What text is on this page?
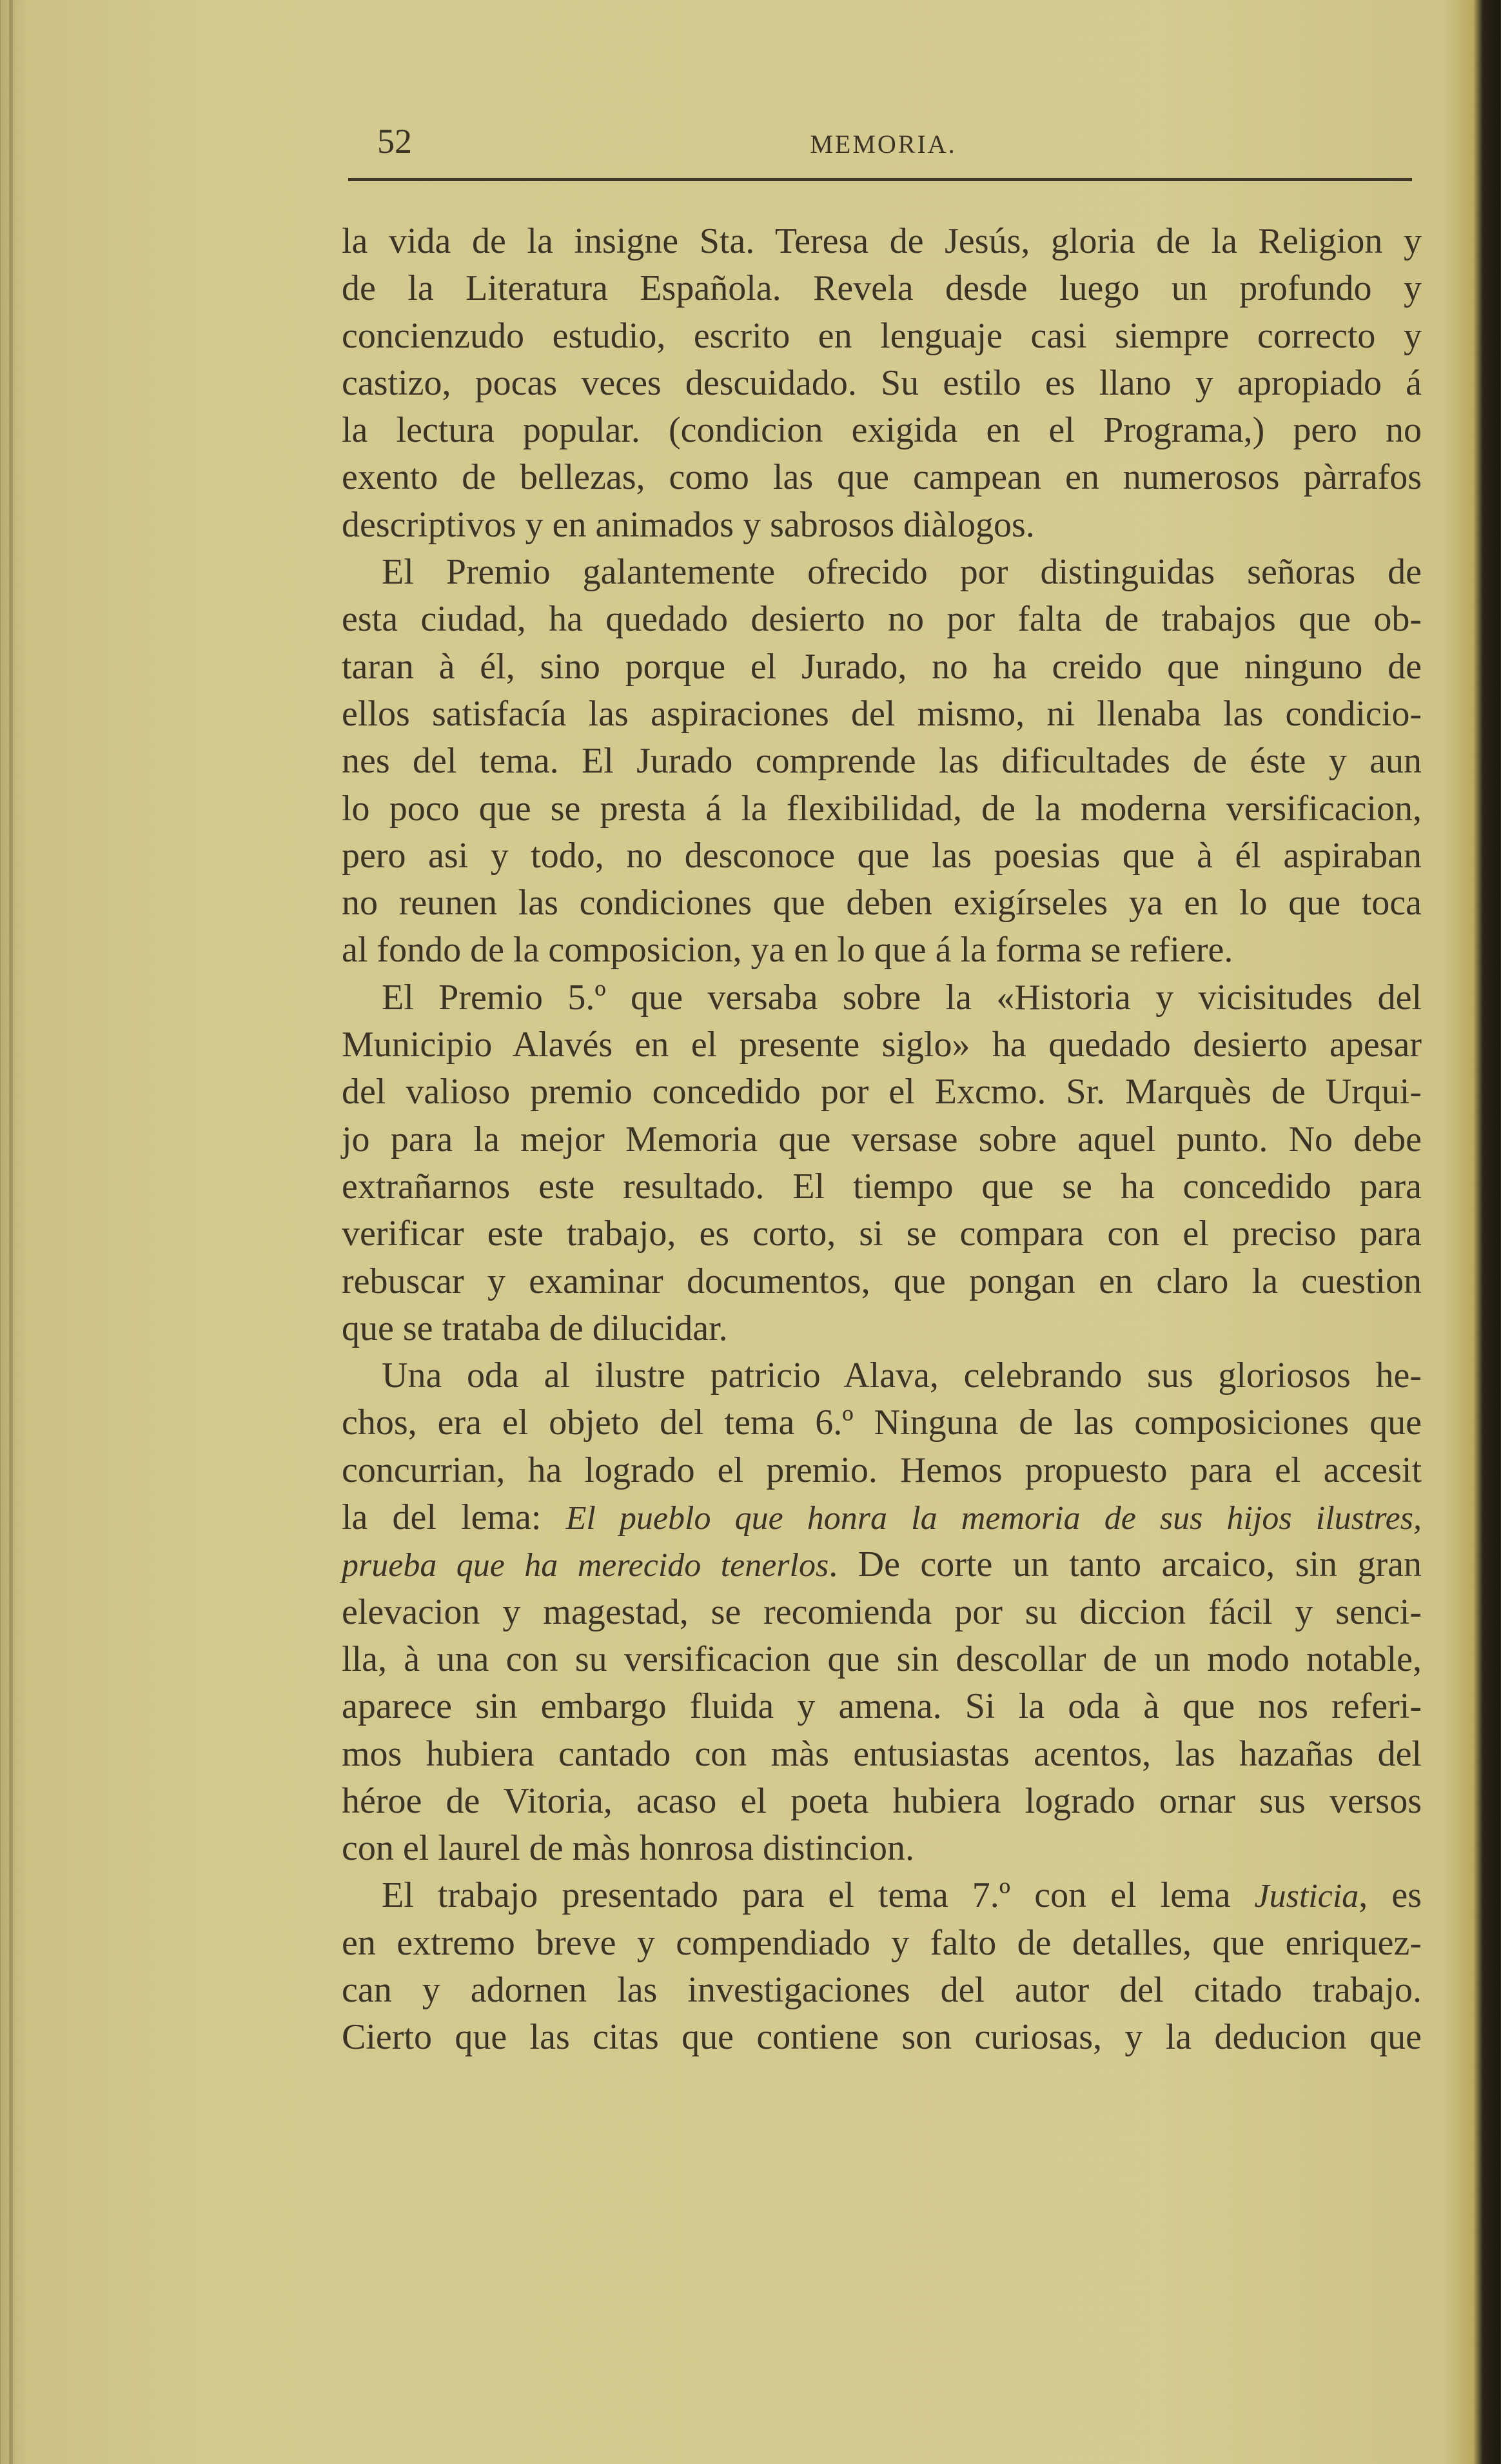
52	MEMORIA.
la vida de la insigne Sta. Teresa de Jesús, gloria de la Religion y
de la Literatura Española. Revela desde luego un profundo y
concienzudo estudio, escrito en lenguaje casi siempre correcto y
castizo, pocas veces descuidado. Su estilo es llano y apropiado á
la lectura popular. (condicion exigida en el Programa,) pero no
exento de bellezas, como las que campean en numerosos pàrrafos
descriptivos y en animados y sabrosos diàlogos.
El Premio galantemente ofrecido por distinguidas señoras de
esta ciudad, ha quedado desierto no por falta de trabajos que ob-
taran à él, sino porque el Jurado, no ha creido que ninguno de
ellos satisfacía las aspiraciones del mismo, ni llenaba las condicio-
nes del tema. El Jurado comprende las dificultades de éste y aun
lo poco que se presta á la flexibilidad, de la moderna versificacion,
pero asi y todo, no desconoce que las poesias que à él aspiraban
no reunen las condiciones que deben exigírseles ya en lo que toca
al fondo de la composicion, ya en lo que á la forma se refiere.
El Premio 5.º que versaba sobre la «Historia y vicisitudes del
Municipio Alavés en el presente siglo» ha quedado desierto apesar
del valioso premio concedido por el Excmo. Sr. Marquès de Urqui-
jo para la mejor Memoria que versase sobre aquel punto. No debe
extrañarnos este resultado. El tiempo que se ha concedido para
verificar este trabajo, es corto, si se compara con el preciso para
rebuscar y examinar documentos, que pongan en claro la cuestion
que se trataba de dilucidar.
Una oda al ilustre patricio Alava, celebrando sus gloriosos he-
chos, era el objeto del tema 6.º Ninguna de las composiciones que
concurrian, ha logrado el premio. Hemos propuesto para el accesit
la del lema: El pueblo que honra la memoria de sus hijos ilustres,
prueba que ha merecido tenerlos. De corte un tanto arcaico, sin gran
elevacion y magestad, se recomienda por su diccion fácil y senci-
lla, à una con su versificacion que sin descollar de un modo notable,
aparece sin embargo fluida y amena. Si la oda à que nos referi-
mos hubiera cantado con màs entusiastas acentos, las hazañas del
héroe de Vitoria, acaso el poeta hubiera logrado ornar sus versos
con el laurel de màs honrosa distincion.
El trabajo presentado para el tema 7.º con el lema Justicia, es
en extremo breve y compendiado y falto de detalles, que enriquez-
can y adornen las investigaciones del autor del citado trabajo.
Cierto que las citas que contiene son curiosas, y la deducion que
